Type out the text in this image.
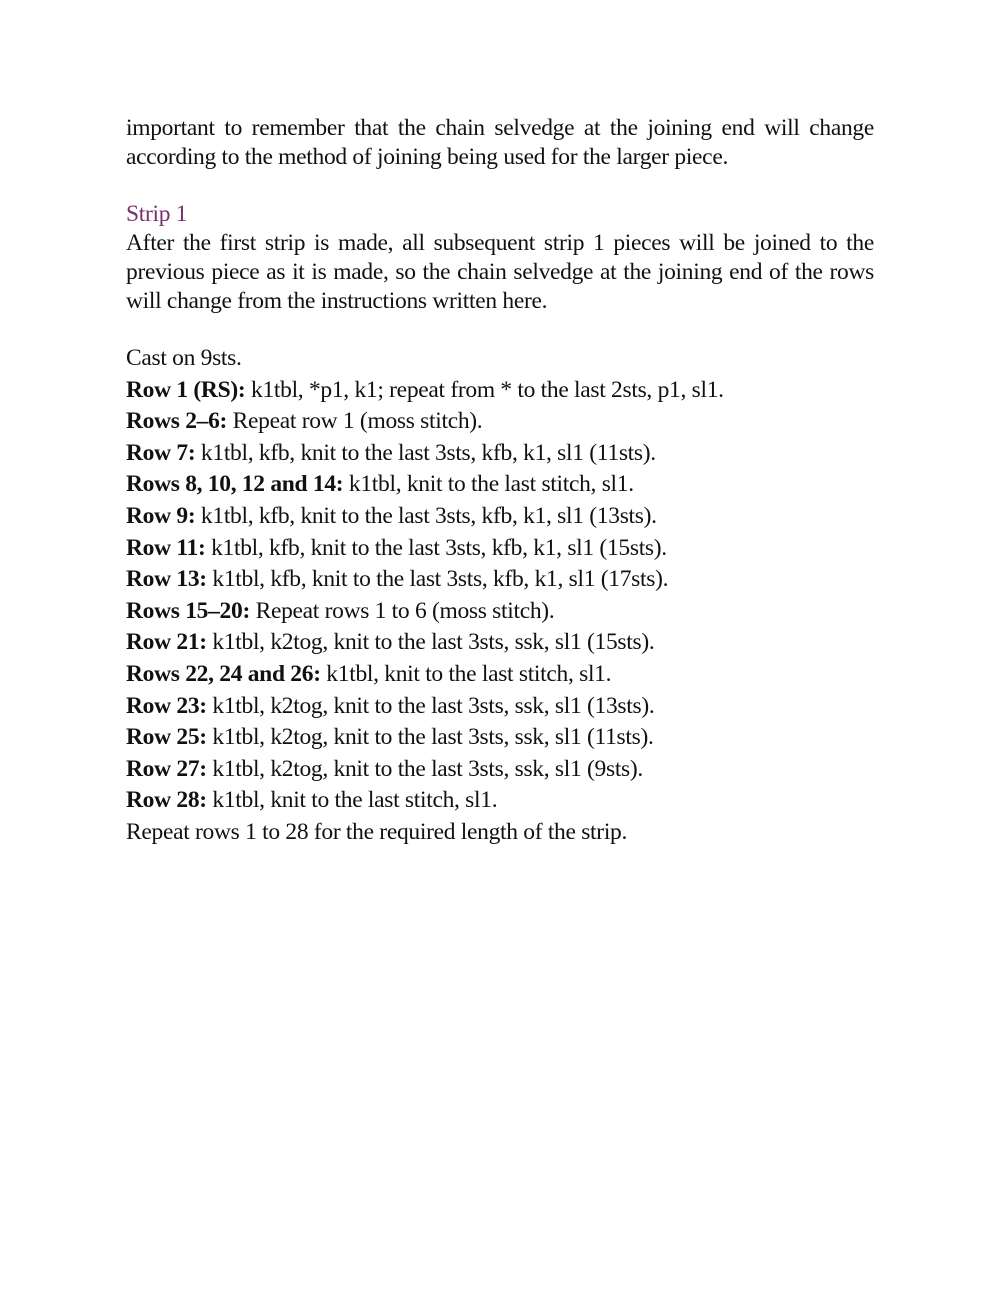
important to remember that the chain selvedge at the joining end will change according to the method of joining being used for the larger piece.

Strip 1

After the first strip is made, all subsequent strip 1 pieces will be joined to the previous piece as it is made, so the chain selvedge at the joining end of the rows will change from the instructions written here.

Cast on 9sts.
Row 1 (RS): k1tbl, *p1, k1; repeat from * to the last 2sts, p1, sl1.
Rows 2–6: Repeat row 1 (moss stitch).
Row 7: k1tbl, kfb, knit to the last 3sts, kfb, k1, sl1 (11sts).
Rows 8, 10, 12 and 14: k1tbl, knit to the last stitch, sl1.
Row 9: k1tbl, kfb, knit to the last 3sts, kfb, k1, sl1 (13sts).
Row 11: k1tbl, kfb, knit to the last 3sts, kfb, k1, sl1 (15sts).
Row 13: k1tbl, kfb, knit to the last 3sts, kfb, k1, sl1 (17sts).
Rows 15–20: Repeat rows 1 to 6 (moss stitch).
Row 21: k1tbl, k2tog, knit to the last 3sts, ssk, sl1 (15sts).
Rows 22, 24 and 26: k1tbl, knit to the last stitch, sl1.
Row 23: k1tbl, k2tog, knit to the last 3sts, ssk, sl1 (13sts).
Row 25: k1tbl, k2tog, knit to the last 3sts, ssk, sl1 (11sts).
Row 27: k1tbl, k2tog, knit to the last 3sts, ssk, sl1 (9sts).
Row 28: k1tbl, knit to the last stitch, sl1.
Repeat rows 1 to 28 for the required length of the strip.
